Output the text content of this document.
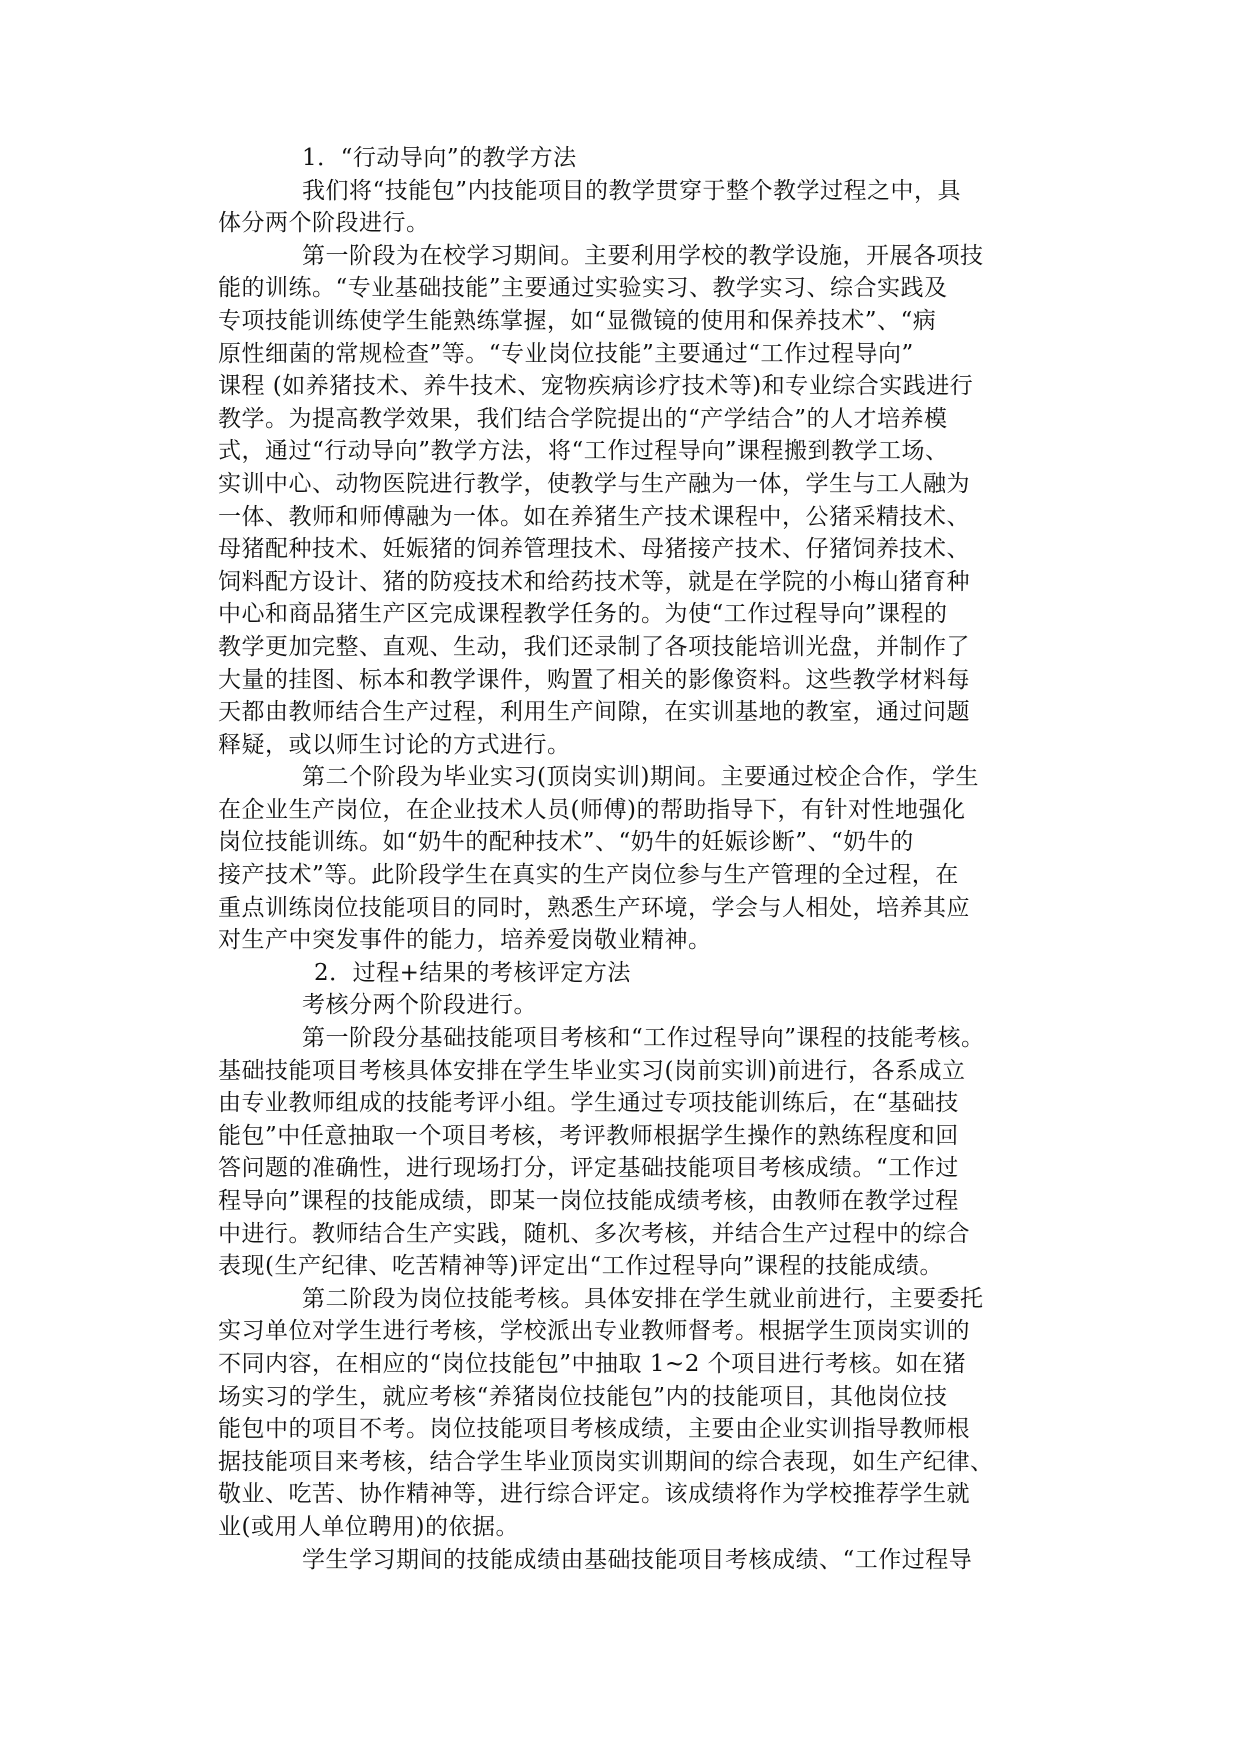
1．“行动导向”的教学方法
我们将“技能包”内技能项目的教学贯穿于整个教学过程之中，具
体分两个阶段进行。
第一阶段为在校学习期间。主要利用学校的教学设施，开展各项技
能的训练。“专业基础技能”主要通过实验实习、教学实习、综合实践及
专项技能训练使学生能熟练掌握，如“显微镜的使用和保养技术”、“病
原性细菌的常规检查”等。“专业岗位技能”主要通过“工作过程导向”
课程 (如养猪技术、养牛技术、宠物疾病诊疗技术等)和专业综合实践进行
教学。为提高教学效果，我们结合学院提出的“产学结合”的人才培养模
式，通过“行动导向”教学方法，将“工作过程导向”课程搬到教学工场、
实训中心、动物医院进行教学，使教学与生产融为一体，学生与工人融为
一体、教师和师傅融为一体。如在养猪生产技术课程中，公猪采精技术、
母猪配种技术、妊娠猪的饲养管理技术、母猪接产技术、仔猪饲养技术、
饲料配方设计、猪的防疫技术和给药技术等，就是在学院的小梅山猪育种
中心和商品猪生产区完成课程教学任务的。为使“工作过程导向”课程的
教学更加完整、直观、生动，我们还录制了各项技能培训光盘，并制作了
大量的挂图、标本和教学课件，购置了相关的影像资料。这些教学材料每
天都由教师结合生产过程，利用生产间隙，在实训基地的教室，通过问题
释疑，或以师生讨论的方式进行。
第二个阶段为毕业实习(顶岗实训)期间。主要通过校企合作，学生
在企业生产岗位，在企业技术人员(师傅)的帮助指导下，有针对性地强化
岗位技能训练。如“奶牛的配种技术”、“奶牛的妊娠诊断”、“奶牛的
接产技术”等。此阶段学生在真实的生产岗位参与生产管理的全过程，在
重点训练岗位技能项目的同时，熟悉生产环境，学会与人相处，培养其应
对生产中突发事件的能力，培养爱岗敬业精神。
2．过程+结果的考核评定方法
考核分两个阶段进行。
第一阶段分基础技能项目考核和“工作过程导向”课程的技能考核。
基础技能项目考核具体安排在学生毕业实习(岗前实训)前进行，各系成立
由专业教师组成的技能考评小组。学生通过专项技能训练后，在“基础技
能包”中任意抽取一个项目考核，考评教师根据学生操作的熟练程度和回
答问题的准确性，进行现场打分，评定基础技能项目考核成绩。“工作过
程导向”课程的技能成绩，即某一岗位技能成绩考核，由教师在教学过程
中进行。教师结合生产实践，随机、多次考核，并结合生产过程中的综合
表现(生产纪律、吃苦精神等)评定出“工作过程导向”课程的技能成绩。
第二阶段为岗位技能考核。具体安排在学生就业前进行，主要委托
实习单位对学生进行考核，学校派出专业教师督考。根据学生顶岗实训的
不同内容，在相应的“岗位技能包”中抽取 1~2 个项目进行考核。如在猪
场实习的学生，就应考核“养猪岗位技能包”内的技能项目，其他岗位技
能包中的项目不考。岗位技能项目考核成绩，主要由企业实训指导教师根
据技能项目来考核，结合学生毕业顶岗实训期间的综合表现，如生产纪律、
敬业、吃苦、协作精神等，进行综合评定。该成绩将作为学校推荐学生就
业(或用人单位聘用)的依据。
学生学习期间的技能成绩由基础技能项目考核成绩、“工作过程导
